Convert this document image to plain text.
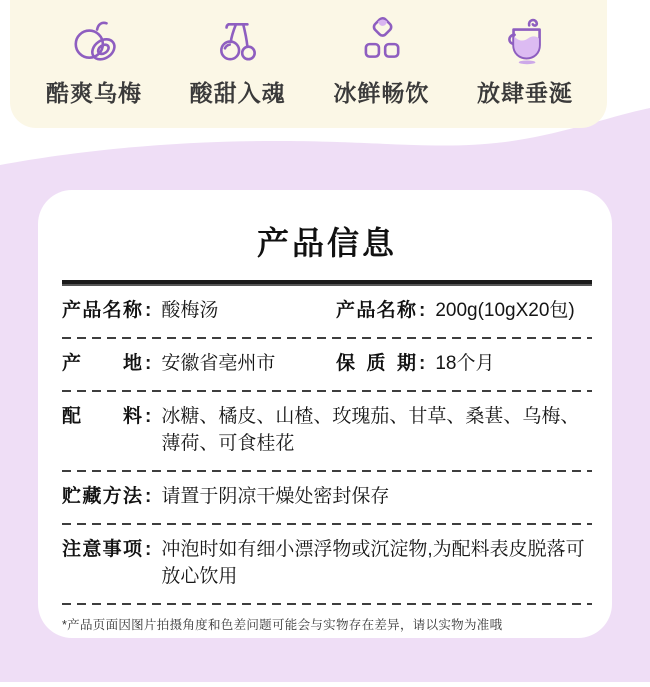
酷爽乌梅 酸甜入魂 冰鲜畅饮 放肆垂涎
产品信息
产品名称 : 酸梅汤	产品名称 : 200g(10gX20包)
产地 : 安徽省亳州市	保质期 : 18个月
配料 : 冰糖、橘皮、山楂、玫瑰茄、甘草、桑葚、乌梅、薄荷、可食桂花
贮藏方法 : 请置于阴凉干燥处密封保存
注意事项 : 冲泡时如有细小漂浮物或沉淀物,为配料表皮脱落可放心饮用
*产品页面因图片拍摄角度和色差问题可能会与实物存在差异，请以实物为准哦
